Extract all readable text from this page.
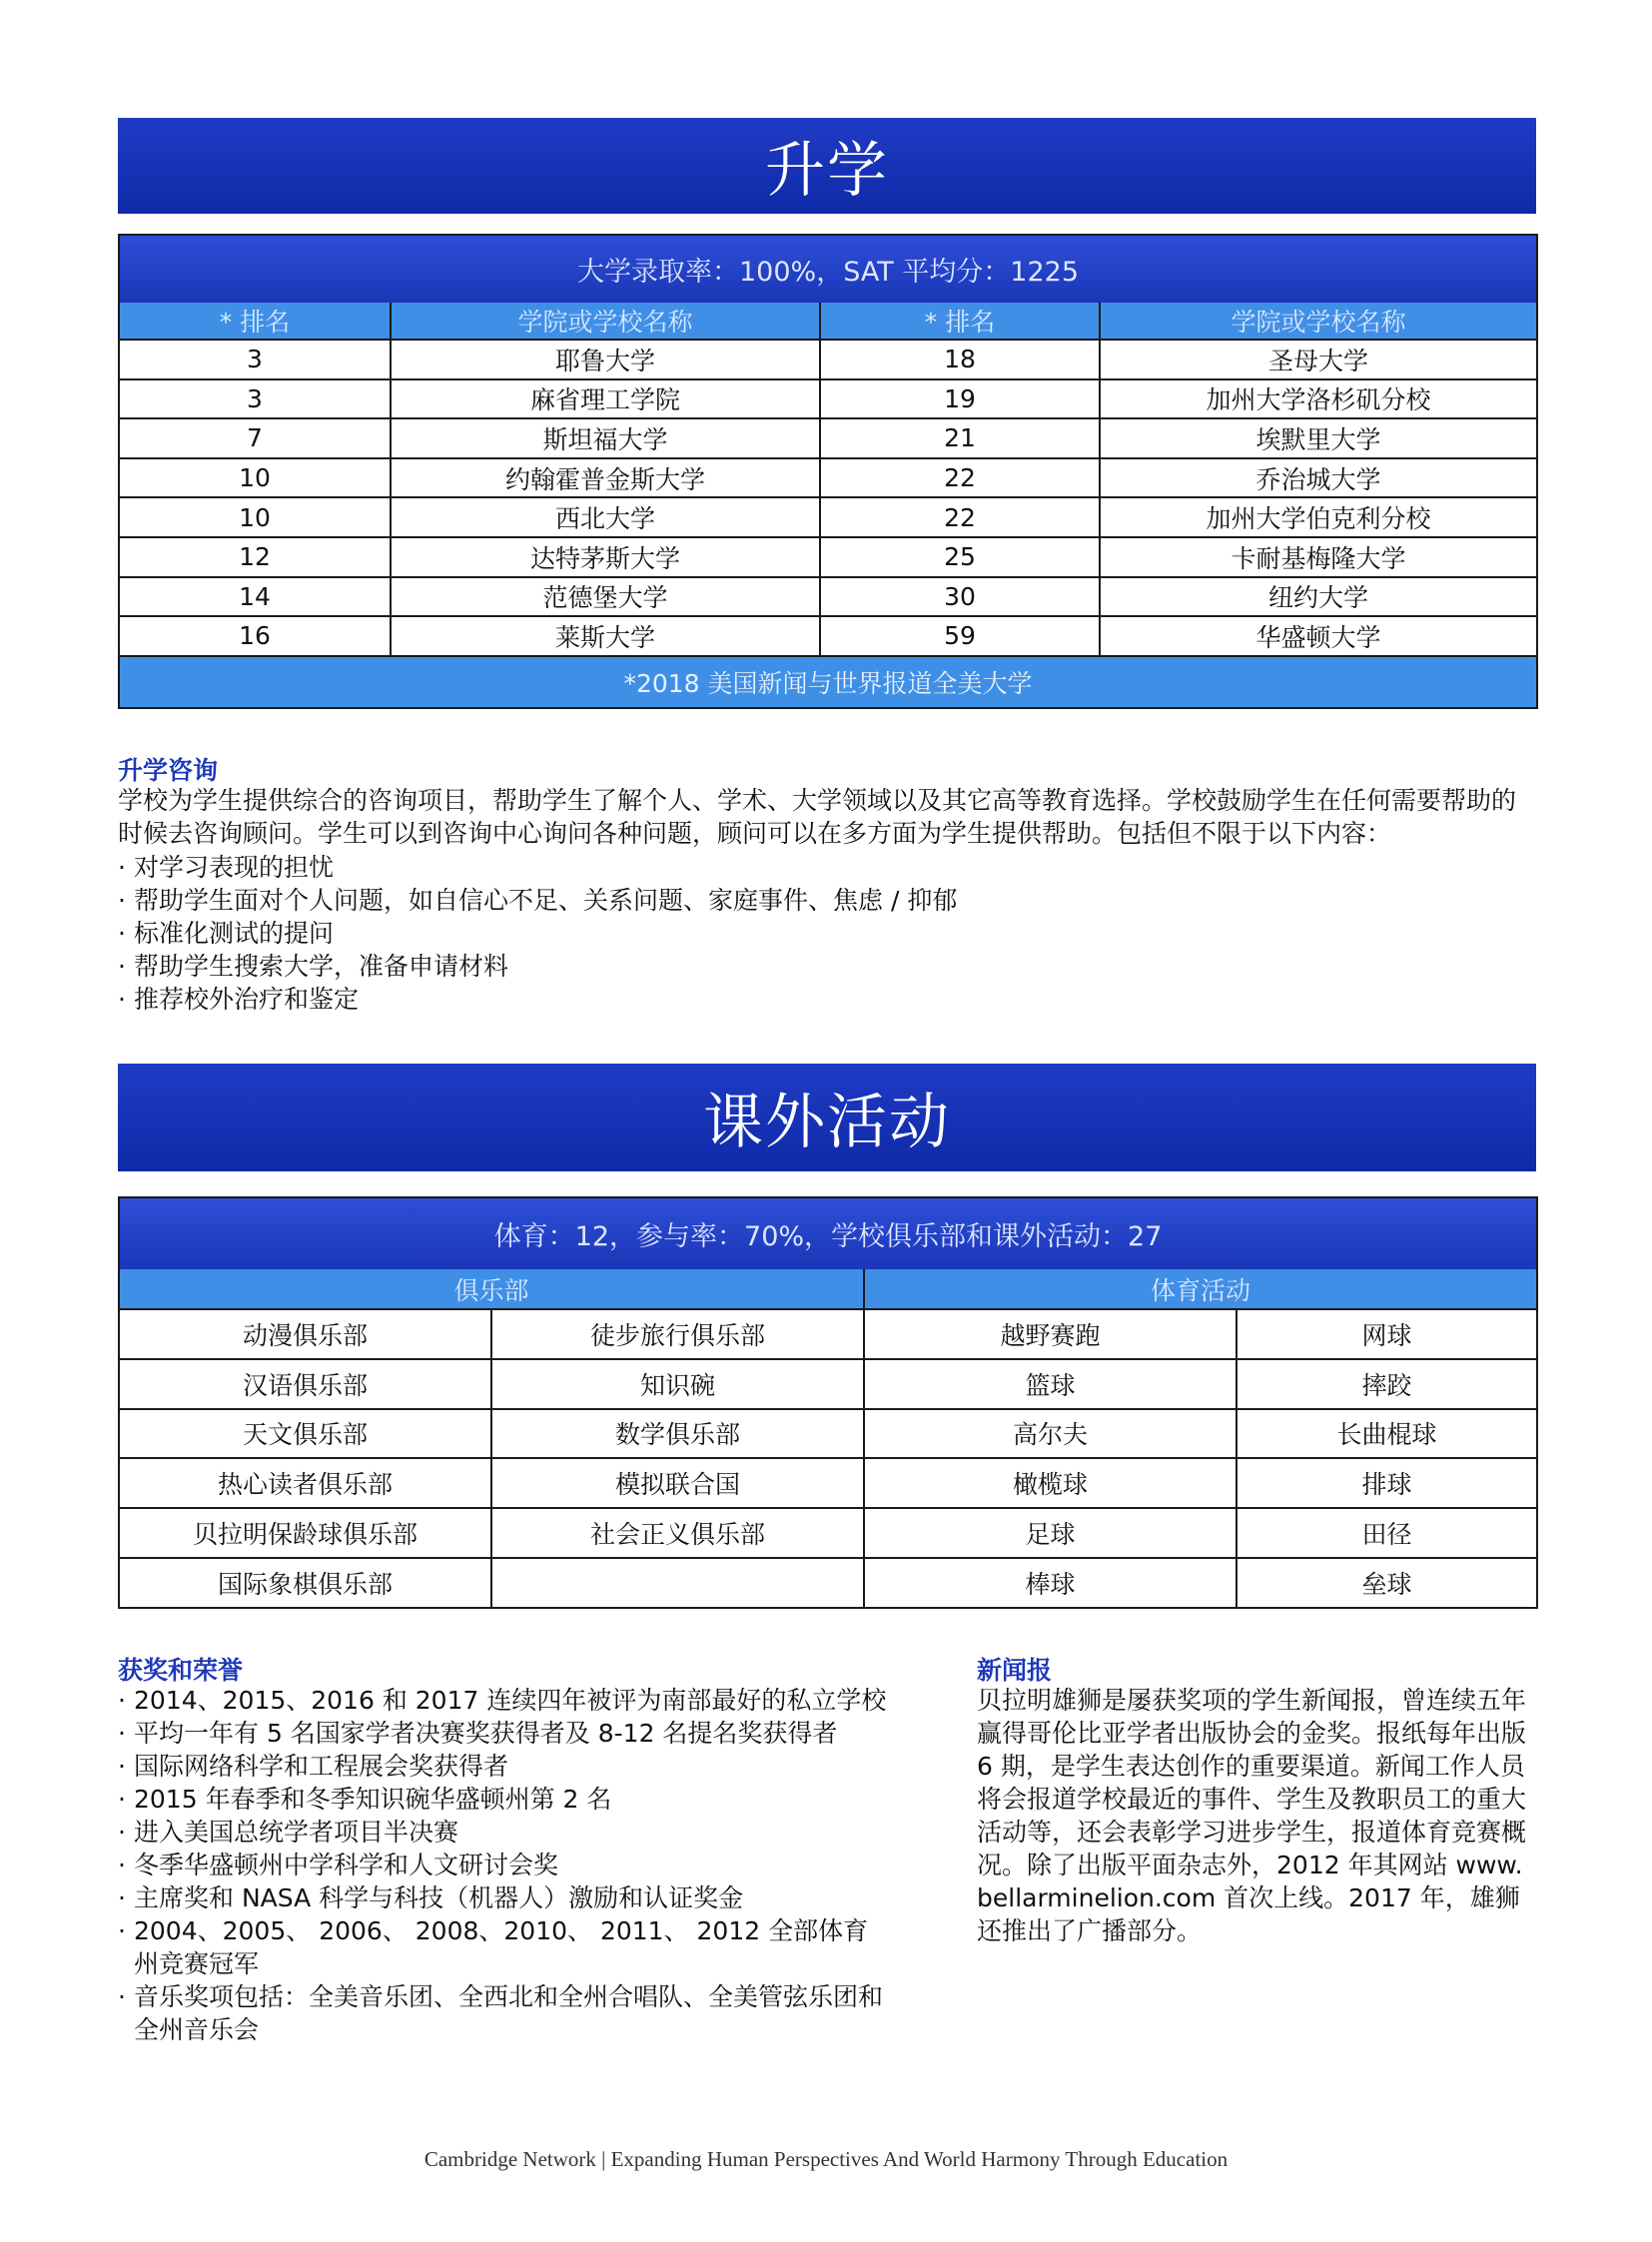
升学
大学录取率：100%，SAT 平均分：1225			
* 排名	学院或学校名称	* 排名	学院或学校名称
3	耶鲁大学	18	圣母大学
3	麻省理工学院	19	加州大学洛杉矶分校
7	斯坦福大学	21	埃默里大学
10	约翰霍普金斯大学	22	乔治城大学
10	西北大学	22	加州大学伯克利分校
12	达特茅斯大学	25	卡耐基梅隆大学
14	范德堡大学	30	纽约大学
16	莱斯大学	59	华盛顿大学
*2018 美国新闻与世界报道全美大学			
升学咨询
学校为学生提供综合的咨询项目，帮助学生了解个人、学术、大学领域以及其它高等教育选择。学校鼓励学生在任何需要帮助的时候去咨询顾问。学生可以到咨询中心询问各种问题，顾问可以在多方面为学生提供帮助。包括但不限于以下内容：
· 对学习表现的担忧
· 帮助学生面对个人问题，如自信心不足、关系问题、家庭事件、焦虑 / 抑郁
· 标准化测试的提问
· 帮助学生搜索大学，准备申请材料
· 推荐校外治疗和鉴定
课外活动
体育：12，参与率：70%，学校俱乐部和课外活动：27			
俱乐部		体育活动	
动漫俱乐部	徒步旅行俱乐部	越野赛跑	网球
汉语俱乐部	知识碗	篮球	摔跤
天文俱乐部	数学俱乐部	高尔夫	长曲棍球
热心读者俱乐部	模拟联合国	橄榄球	排球
贝拉明保龄球俱乐部	社会正义俱乐部	足球	田径
国际象棋俱乐部		棒球	垒球
获奖和荣誉
· 2014、2015、2016 和 2017 连续四年被评为南部最好的私立学校
· 平均一年有 5 名国家学者决赛奖获得者及 8-12 名提名奖获得者
· 国际网络科学和工程展会奖获得者
· 2015 年春季和冬季知识碗华盛顿州第 2 名
· 进入美国总统学者项目半决赛
· 冬季华盛顿州中学科学和人文研讨会奖
· 主席奖和 NASA 科学与科技（机器人）激励和认证奖金
· 2004、2005、 2006、 2008、2010、 2011、 2012 全部体育州竞赛冠军
· 音乐奖项包括：全美音乐团、全西北和全州合唱队、全美管弦乐团和全州音乐会
新闻报
贝拉明雄狮是屡获奖项的学生新闻报，曾连续五年赢得哥伦比亚学者出版协会的金奖。报纸每年出版 6 期，是学生表达创作的重要渠道。新闻工作人员将会报道学校最近的事件、学生及教职员工的重大活动等，还会表彰学习进步学生，报道体育竞赛概况。除了出版平面杂志外，2012 年其网站 www. bellarminelion.com 首次上线。2017 年，雄狮还推出了广播部分。
Cambridge Network | Expanding Human Perspectives And World Harmony Through Education
